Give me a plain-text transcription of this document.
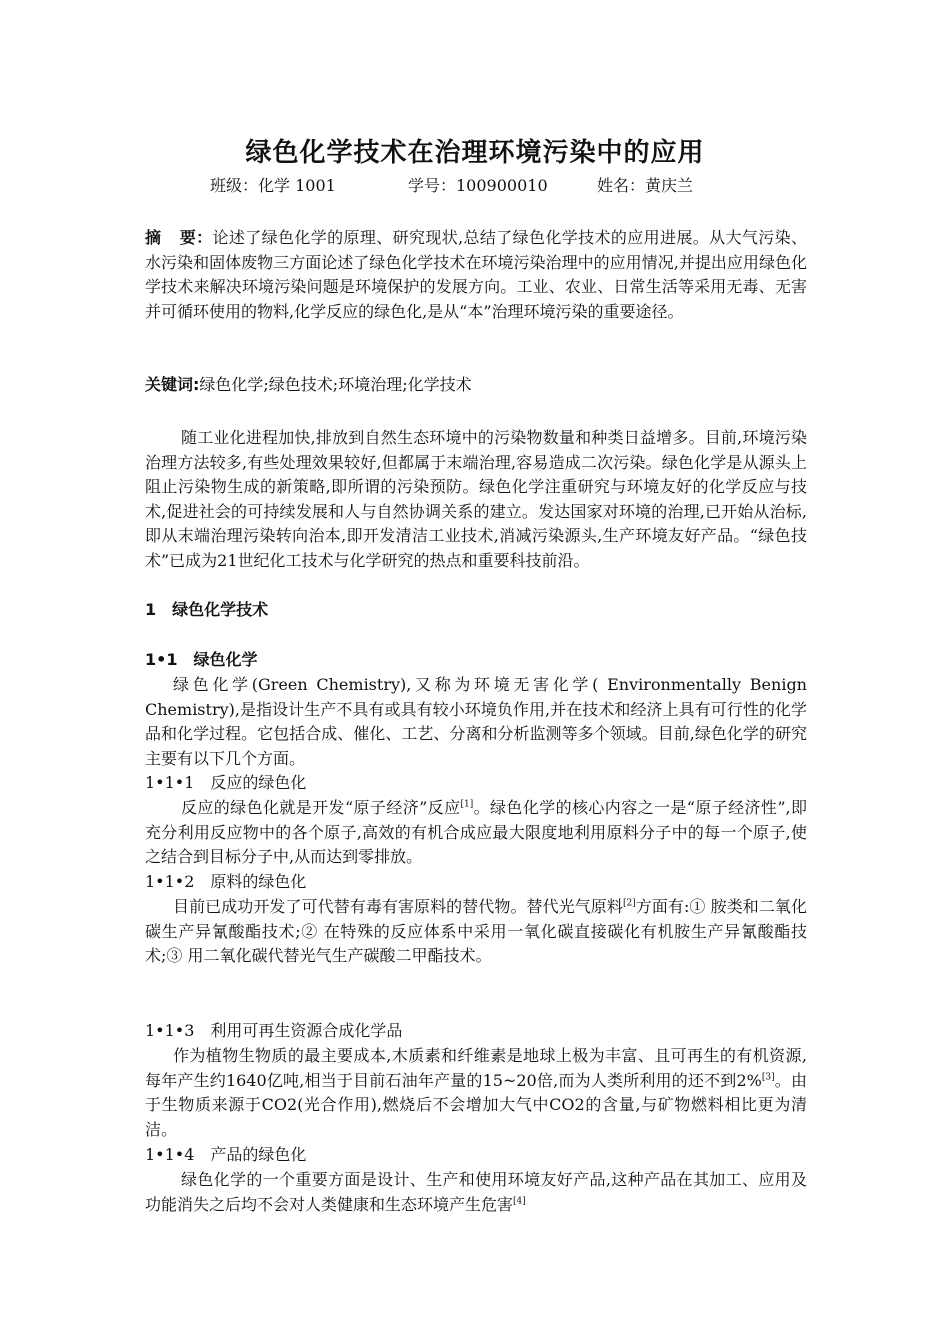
绿色化学技术在治理环境污染中的应用
班级：化学 1001	学号：100900010	姓名：黄庆兰
摘 要：论述了绿色化学的原理、研究现状,总结了绿色化学技术的应用进展。从大气污染、水污染和固体废物三方面论述了绿色化学技术在环境污染治理中的应用情况,并提出应用绿色化学技术来解决环境污染问题是环境保护的发展方向。工业、农业、日常生活等采用无毒、无害并可循环使用的物料,化学反应的绿色化,是从“本”治理环境污染的重要途径。
关键词:绿色化学;绿色技术;环境治理;化学技术
随工业化进程加快,排放到自然生态环境中的污染物数量和种类日益增多。目前,环境污染治理方法较多,有些处理效果较好,但都属于末端治理,容易造成二次污染。绿色化学是从源头上阻止污染物生成的新策略,即所谓的污染预防。绿色化学注重研究与环境友好的化学反应与技术,促进社会的可持续发展和人与自然协调关系的建立。发达国家对环境的治理,已开始从治标,即从末端治理污染转向治本,即开发清洁工业技术,消减污染源头,生产环境友好产品。“绿色技术”已成为21世纪化工技术与化学研究的热点和重要科技前沿。
1 绿色化学技术
1•1 绿色化学
绿色化学(Green Chemistry),又称为环境无害化学( Environmentally Benign Chemistry),是指设计生产不具有或具有较小环境负作用,并在技术和经济上具有可行性的化学品和化学过程。它包括合成、催化、工艺、分离和分析监测等多个领域。目前,绿色化学的研究主要有以下几个方面。
1•1•1　反应的绿色化
反应的绿色化就是开发“原子经济”反应[1]。绿色化学的核心内容之一是“原子经济性”,即充分利用反应物中的各个原子,高效的有机合成应最大限度地利用原料分子中的每一个原子,使之结合到目标分子中,从而达到零排放。
1•1•2　原料的绿色化
目前已成功开发了可代替有毒有害原料的替代物。替代光气原料[2]方面有:① 胺类和二氧化碳生产异氰酸酯技术;② 在特殊的反应体系中采用一氧化碳直接碳化有机胺生产异氰酸酯技术;③ 用二氧化碳代替光气生产碳酸二甲酯技术。
1•1•3　利用可再生资源合成化学品
作为植物生物质的最主要成本,木质素和纤维素是地球上极为丰富、且可再生的有机资源,每年产生约1640亿吨,相当于目前石油年产量的15~20倍,而为人类所利用的还不到2%[3]。由于生物质来源于CO2(光合作用),燃烧后不会增加大气中CO2的含量,与矿物燃料相比更为清洁。
1•1•4　产品的绿色化
绿色化学的一个重要方面是设计、生产和使用环境友好产品,这种产品在其加工、应用及功能消失之后均不会对人类健康和生态环境产生危害[4]
